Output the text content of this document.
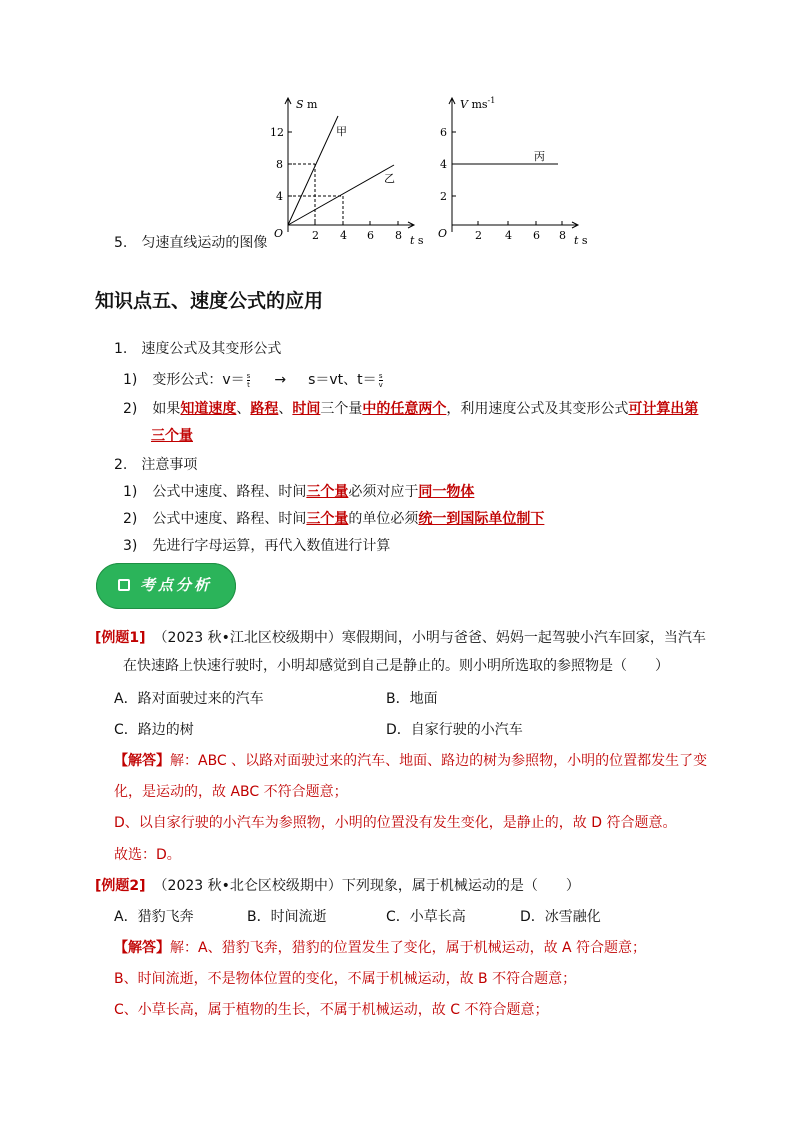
S m
12
8
4
O	2 4 6 8 t s
甲
乙
V $ms^{-1}$
6
4
2
O	2 4 6 8 t s
丙
5. 匀速直线运动的图像
知识点五、速度公式的应用
1. 速度公式及其变形公式
1) 变形公式：$v= \frac{s}{t} \to s=vt$、$t= \frac{s}{v}$
2) 如果知道速度、路程、时间三个量中的任意两个，利用速度公式及其变形公式可计算出第
三个量
2. 注意事项
1) 公式中速度、路程、时间三个量必须对应于同一物体
2) 公式中速度、路程、时间三个量的单位必须统一到国际单位制下
3) 先进行字母运算，再代入数值进行计算
考点分析
[例题1] （2023 秋•江北区校级期中）寒假期间，小明与爸爸、妈妈一起驾驶小汽车回家，当汽车
在快速路上快速行驶时，小明却感觉到自己是静止的。则小明所选取的参照物是（　　）
A．路对面驶过来的汽车	B．地面
C．路边的树	D．自家行驶的小汽车
【解答】解：ABC 、以路对面驶过来的汽车、地面、路边的树为参照物，小明的位置都发生了变
化，是运动的，故 ABC 不符合题意；
D、以自家行驶的小汽车为参照物，小明的位置没有发生变化，是静止的，故 D 符合题意。
故选：D。
[例题2] （2023 秋•北仑区校级期中）下列现象，属于机械运动的是（　　）
A．猎豹飞奔	B．时间流逝	C．小草长高	D．冰雪融化
【解答】解：A、猎豹飞奔，猎豹的位置发生了变化，属于机械运动，故 A 符合题意；
B、时间流逝，不是物体位置的变化，不属于机械运动，故 B 不符合题意；
C、小草长高，属于植物的生长，不属于机械运动，故 C 不符合题意；
